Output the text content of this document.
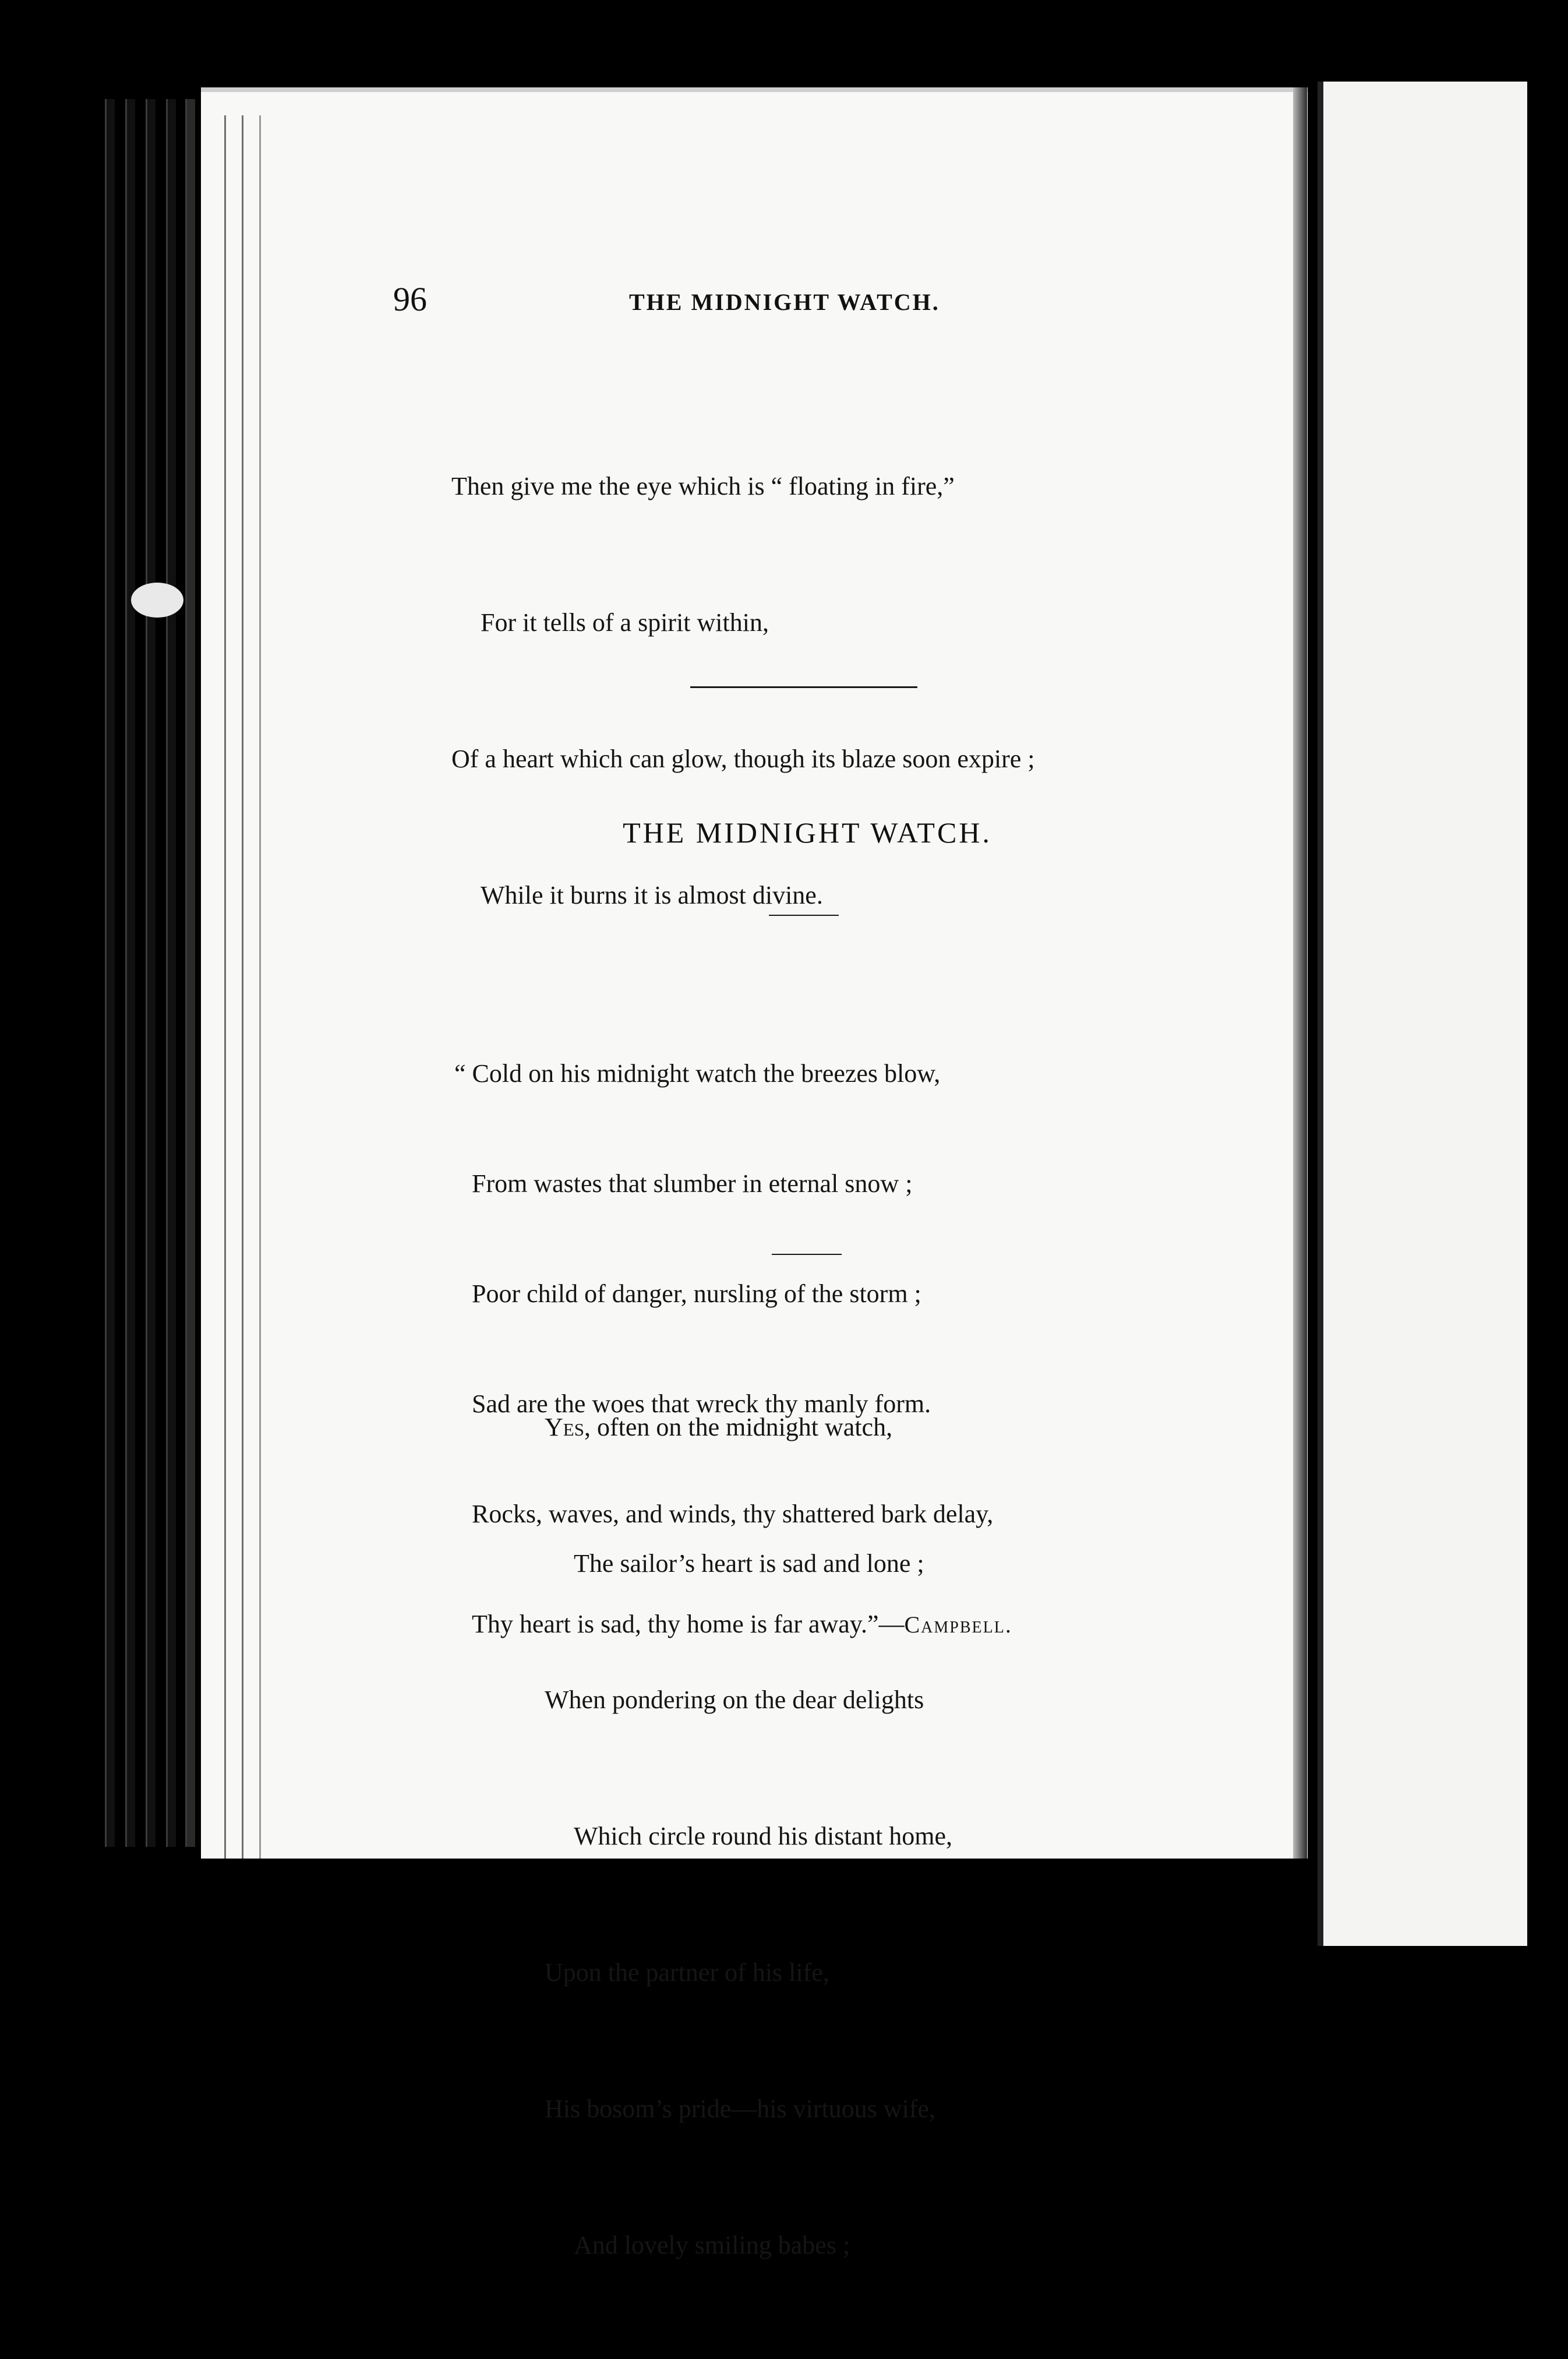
96	THE MIDNIGHT WATCH.

Then give me the eye which is “ floating in fire,”

For it tells of a spirit within,

Of a heart which can glow, though its blaze soon expire ;

While it burns it is almost divine.

THE MIDNIGHT WATCH.

“ Cold on his midnight watch the breezes blow,

From wastes that slumber in eternal snow ;

Poor child of danger, nursling of the storm ;

Sad are the woes that wreck thy manly form.

Rocks, waves, and winds, thy shattered bark delay,

Thy heart is sad, thy home is far away.”—Campbell.

Yes, often on the midnight watch,

The sailor’s heart is sad and lone ;

When pondering on the dear delights

Which circle round his distant home,

Upon the partner of his life,

His bosom’s pride—his virtuous wife,

And lovely smiling babes ;
